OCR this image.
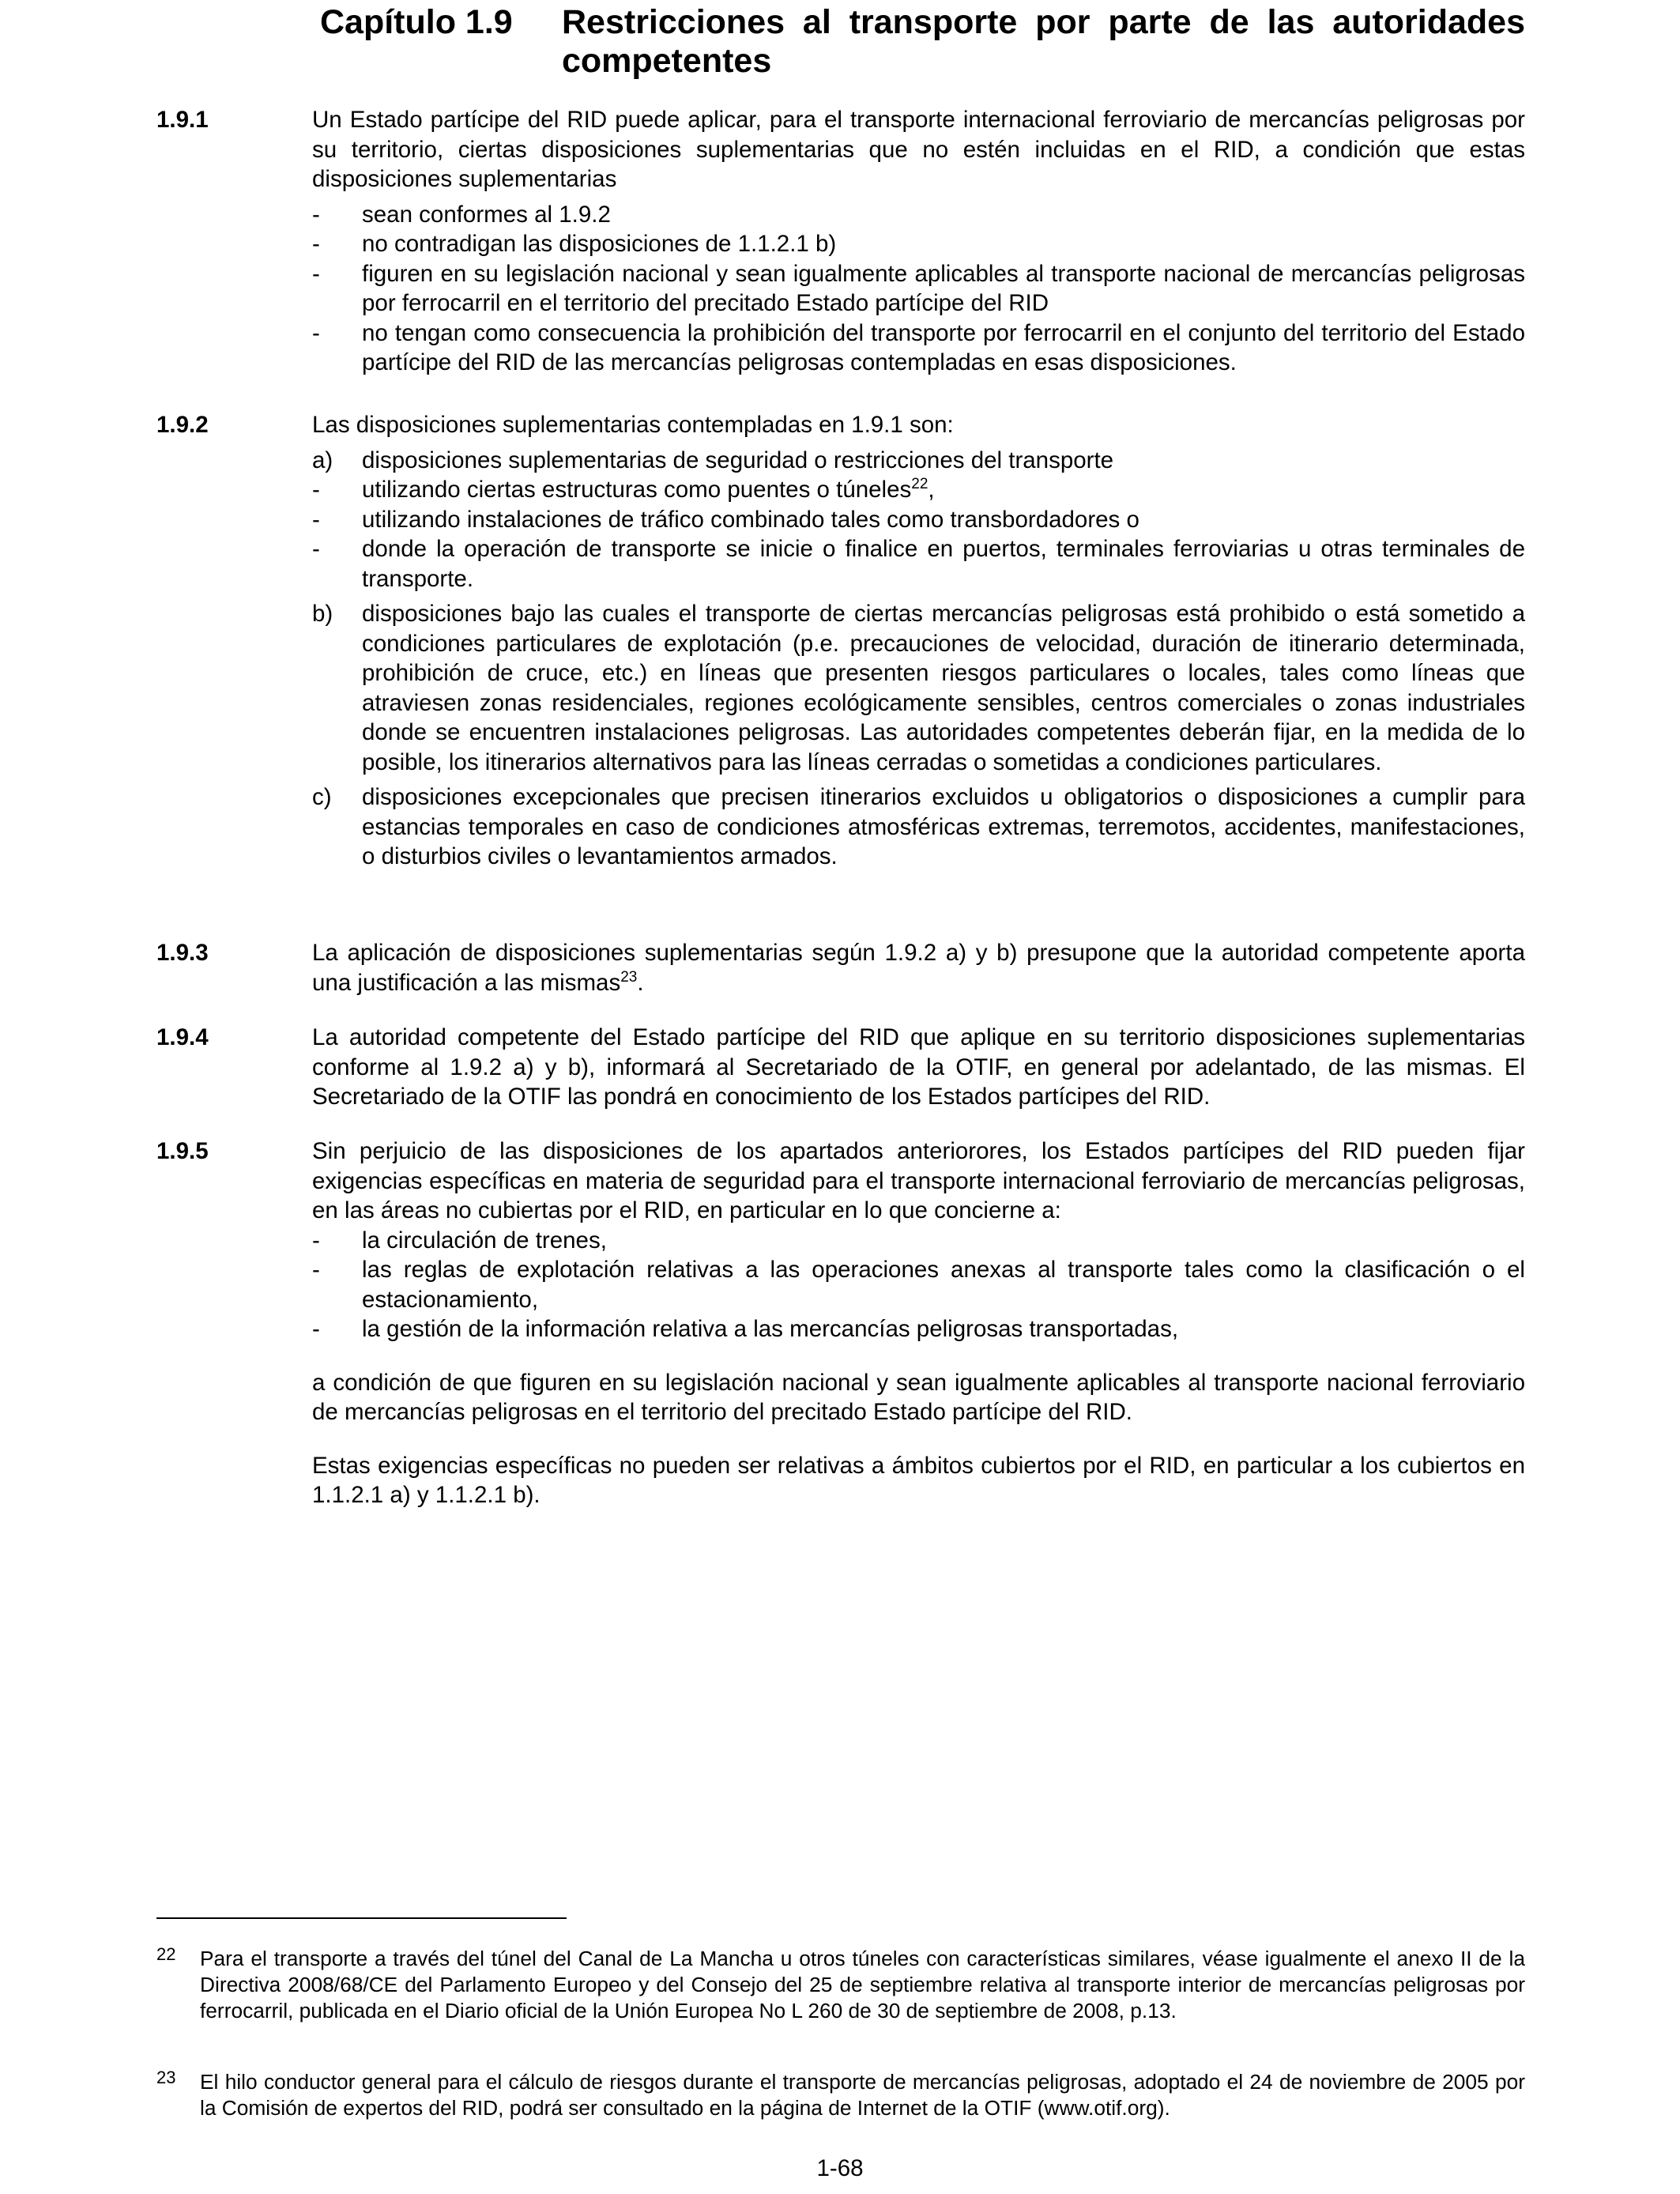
Capítulo 1.9 Restricciones al transporte por parte de las autoridades competentes
1.9.1	Un Estado partícipe del RID puede aplicar, para el transporte internacional ferroviario de mercancías peligrosas por su territorio, ciertas disposiciones suplementarias que no estén incluidas en el RID, a condición que estas disposiciones suplementarias

- sean conformes al 1.9.2
- no contradigan las disposiciones de 1.1.2.1 b)
- figuren en su legislación nacional y sean igualmente aplicables al transporte nacional de mercancías peligrosas por ferrocarril en el territorio del precitado Estado partícipe del RID
- no tengan como consecuencia la prohibición del transporte por ferrocarril en el conjunto del territorio del Estado partícipe del RID de las mercancías peligrosas contempladas en esas disposiciones.
1.9.2	Las disposiciones suplementarias contempladas en 1.9.1 son:

a) disposiciones suplementarias de seguridad o restricciones del transporte
- utilizando ciertas estructuras como puentes o túneles$^{22}$,
- utilizando instalaciones de tráfico combinado tales como transbordadores o
- donde la operación de transporte se inicie o finalice en puertos, terminales ferroviarias u otras terminales de transporte.
b) disposiciones bajo las cuales el transporte de ciertas mercancías peligrosas está prohibido o está sometido a condiciones particulares de explotación (p.e. precauciones de velocidad, duración de itinerario determinada, prohibición de cruce, etc.) en líneas que presenten riesgos particulares o locales, tales como líneas que atraviesen zonas residenciales, regiones ecológicamente sensibles, centros comerciales o zonas industriales donde se encuentren instalaciones peligrosas. Las autoridades competentes deberán fijar, en la medida de lo posible, los itinerarios alternativos para las líneas cerradas o sometidas a condiciones particulares.
c) disposiciones excepcionales que precisen itinerarios excluidos u obligatorios o disposiciones a cumplir para estancias temporales en caso de condiciones atmosféricas extremas, terremotos, accidentes, manifestaciones, o disturbios civiles o levantamientos armados.
1.9.3	La aplicación de disposiciones suplementarias según 1.9.2 a) y b) presupone que la autoridad competente aporta una justificación a las mismas$^{23}$.

1.9.4	La autoridad competente del Estado partícipe del RID que aplique en su territorio disposiciones suplementarias conforme al 1.9.2 a) y b), informará al Secretariado de la OTIF, en general por adelantado, de las mismas. El Secretariado de la OTIF las pondrá en conocimiento de los Estados partícipes del RID.

1.9.5	Sin perjuicio de las disposiciones de los apartados anteriorores, los Estados partícipes del RID pueden fijar exigencias específicas en materia de seguridad para el transporte internacional ferroviario de mercancías peligrosas, en las áreas no cubiertas por el RID, en particular en lo que concierne a:

- la circulación de trenes,
- las reglas de explotación relativas a las operaciones anexas al transporte tales como la clasificación o el estacionamiento,
- la gestión de la información relativa a las mercancías peligrosas transportadas,

a condición de que figuren en su legislación nacional y sean igualmente aplicables al transporte nacional ferroviario de mercancías peligrosas en el territorio del precitado Estado partícipe del RID.

Estas exigencias específicas no pueden ser relativas a ámbitos cubiertos por el RID, en particular a los cubiertos en 1.1.2.1 a) y 1.1.2.1 b).

22 Para el transporte a través del túnel del Canal de La Mancha u otros túneles con características similares, véase igualmente el anexo II de la Directiva 2008/68/CE del Parlamento Europeo y del Consejo del 25 de septiembre relativa al transporte interior de mercancías peligrosas por ferrocarril, publicada en el Diario oficial de la Unión Europea No L 260 de 30 de septiembre de 2008, p.13.
23 El hilo conductor general para el cálculo de riesgos durante el transporte de mercancías peligrosas, adoptado el 24 de noviembre de 2005 por la Comisión de expertos del RID, podrá ser consultado en la página de Internet de la OTIF (www.otif.org).
1-68
